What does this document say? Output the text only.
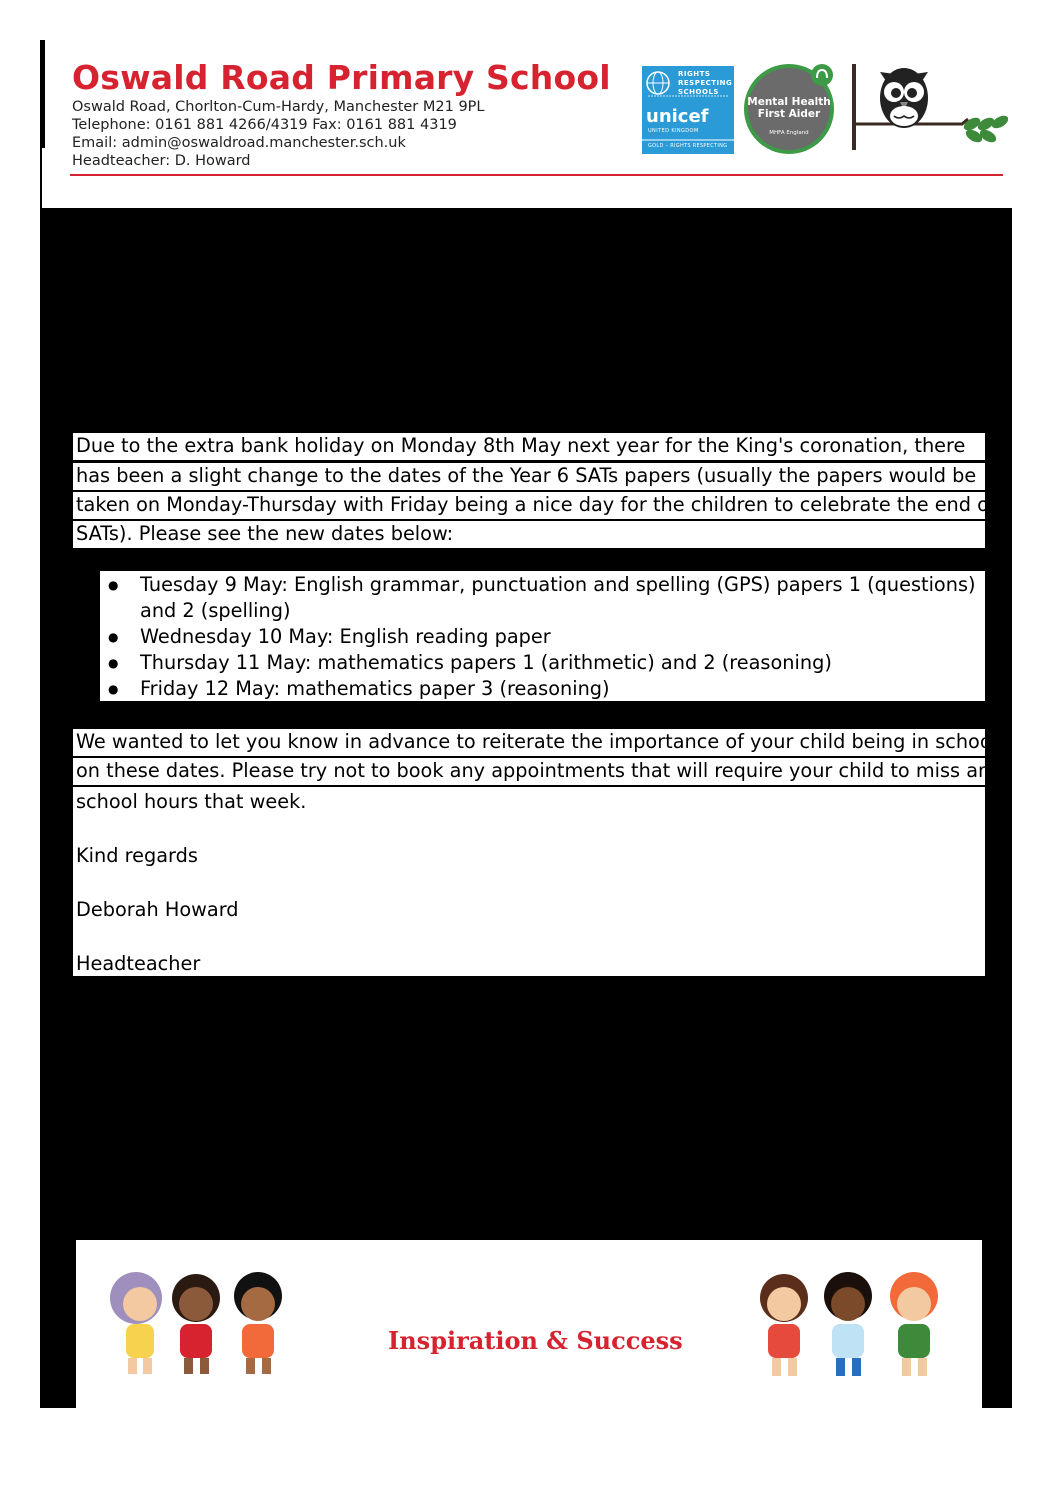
Oswald Road Primary School
Oswald Road, Chorlton-Cum-Hardy, Manchester M21 9PL
Telephone: 0161 881 4266/4319 Fax: 0161 881 4319
Email: admin@oswaldroad.manchester.sch.uk
Headteacher: D. Howard
RIGHTS
RESPECTING
SCHOOLS
unicef
UNITED KINGDOM
GOLD – RIGHTS RESPECTING
Mental Health
First Aider
MHFA England
Due to the extra bank holiday on Monday 8th May next year for the King's coronation, there
has been a slight change to the dates of the Year 6 SATs papers (usually the papers would be
taken on Monday-Thursday with Friday being a nice day for the children to celebrate the end of
SATs). Please see the new dates below:
● Tuesday 9 May: English grammar, punctuation and spelling (GPS) papers 1 (questions)
and 2 (spelling)
● Wednesday 10 May: English reading paper
● Thursday 11 May: mathematics papers 1 (arithmetic) and 2 (reasoning)
● Friday 12 May: mathematics paper 3 (reasoning)
We wanted to let you know in advance to reiterate the importance of your child being in school
on these dates. Please try not to book any appointments that will require your child to miss any
school hours that week.
Kind regards
Deborah Howard
Headteacher
Inspiration & Success
